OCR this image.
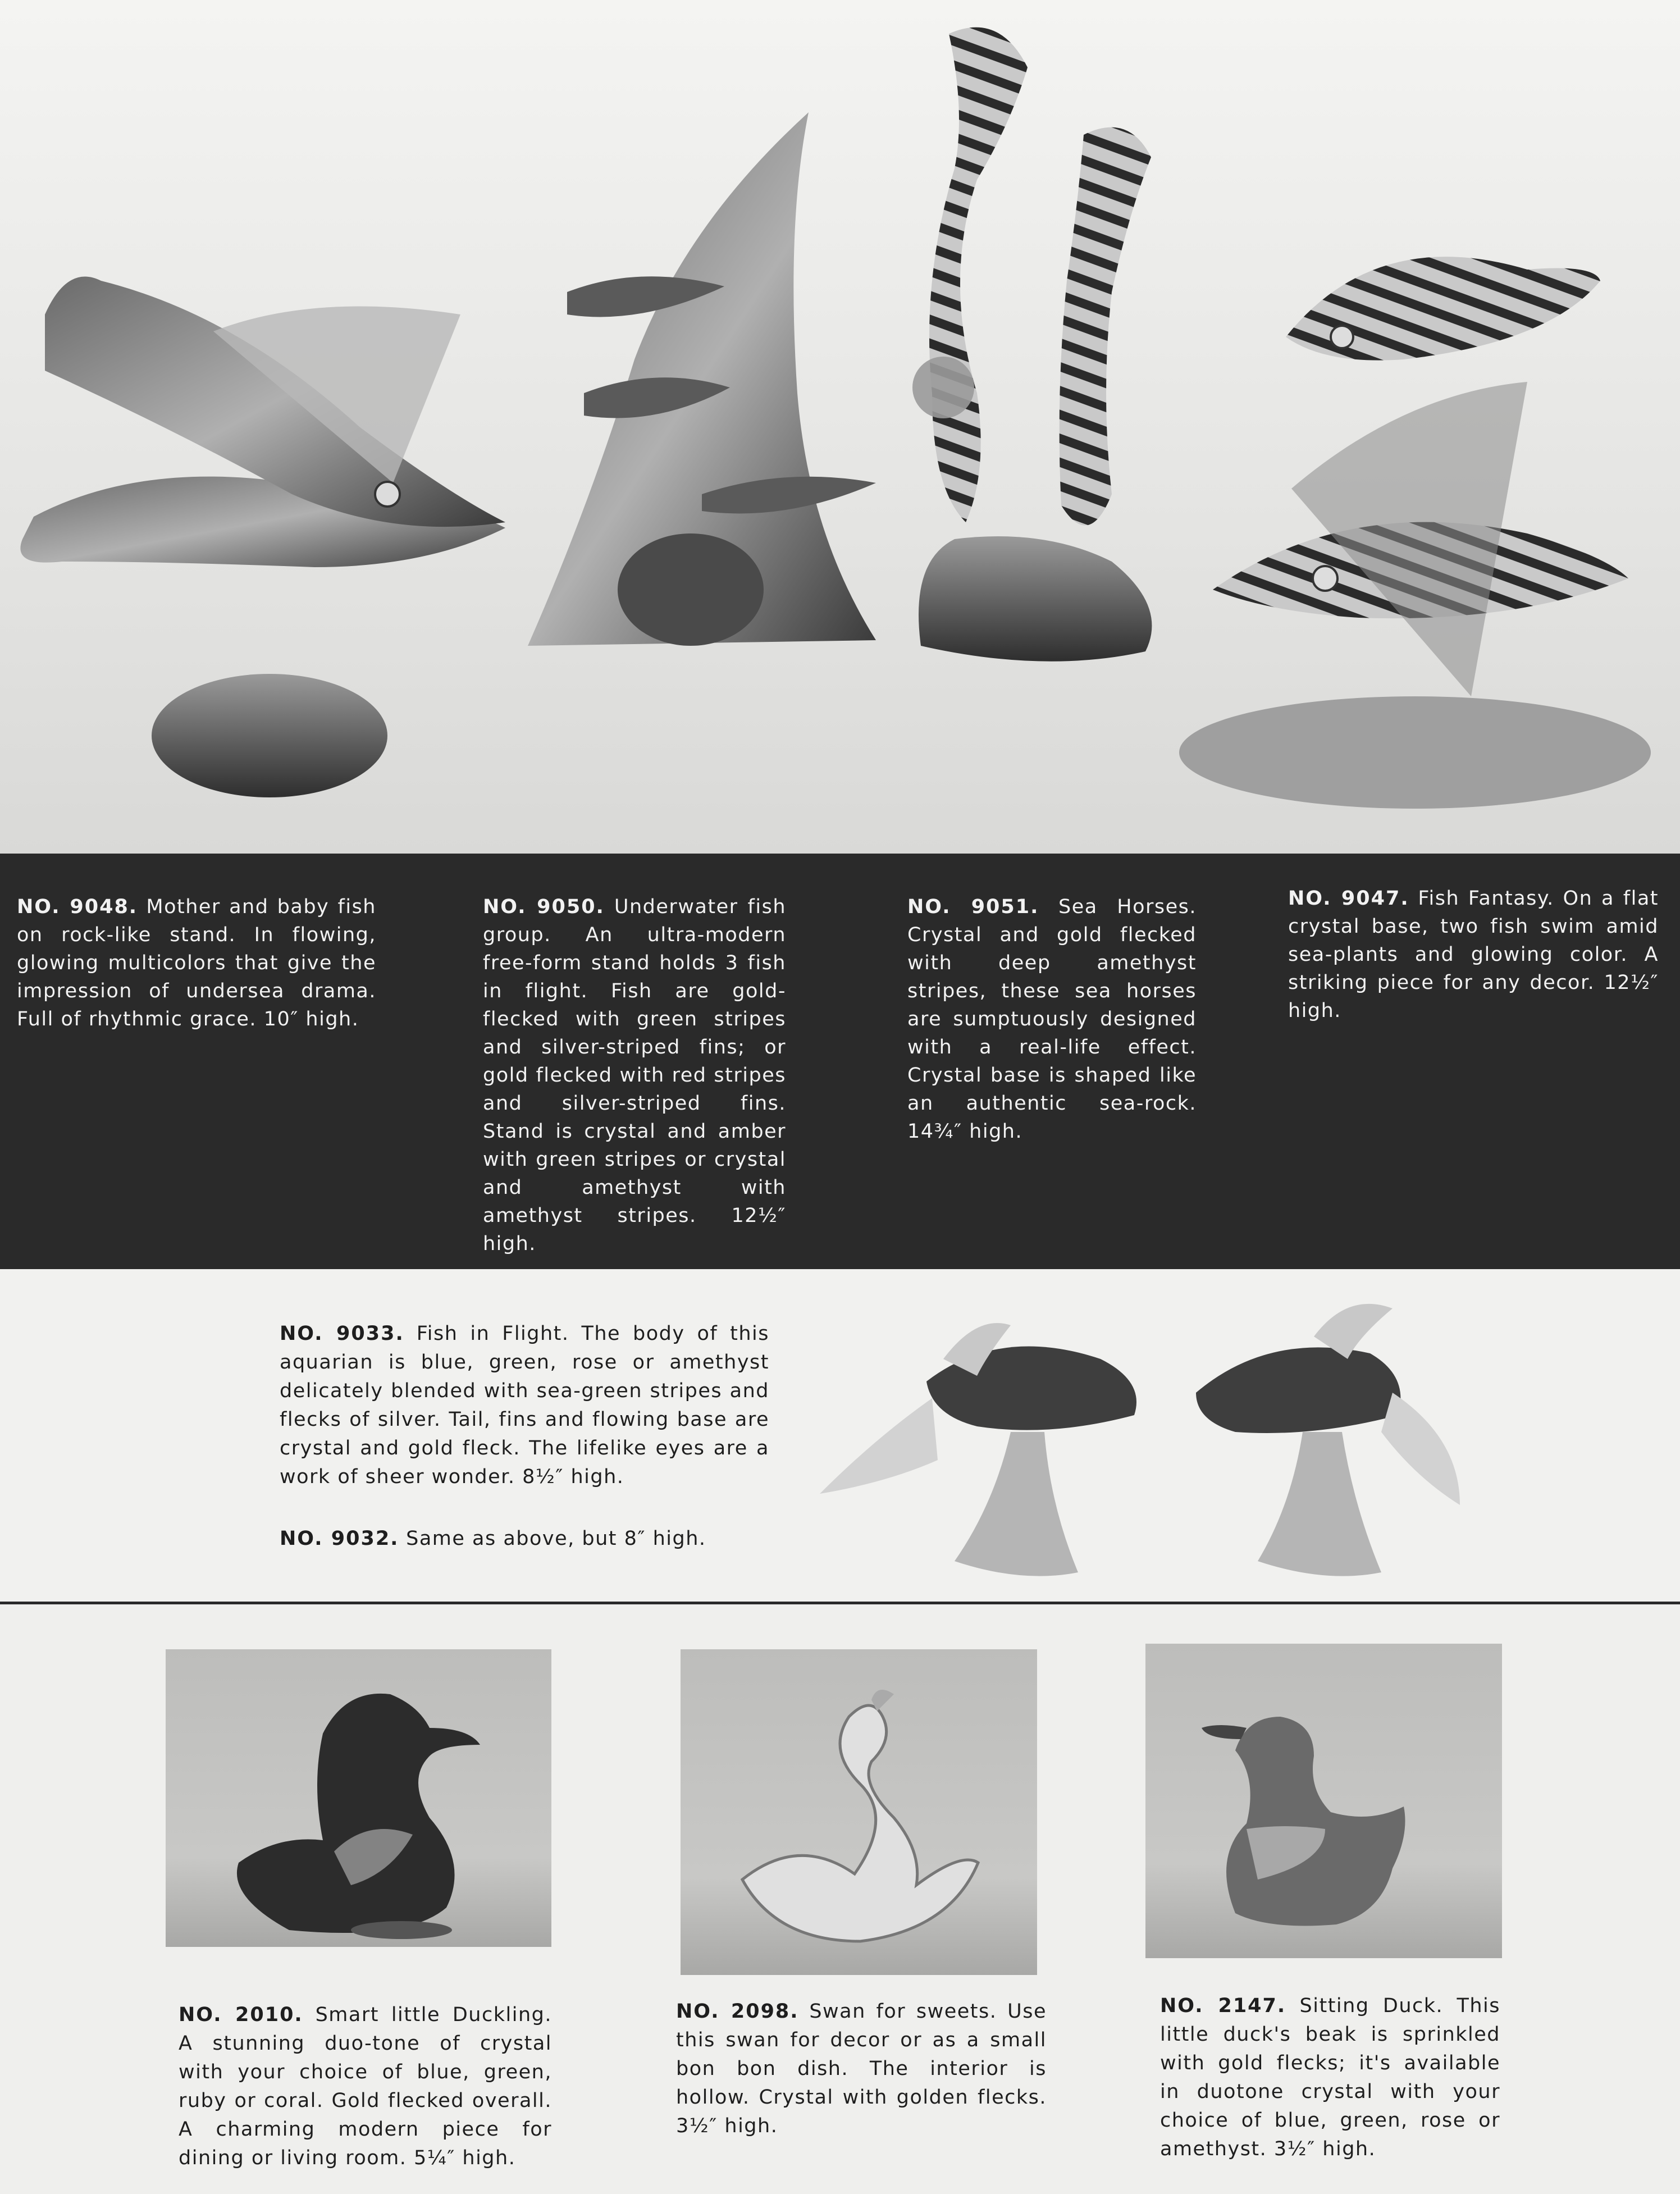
NO. 9048. Mother and baby fish on rock-like stand. In flowing, glowing multicolors that give the impression of undersea drama. Full of rhythmic grace. 10″ high.
NO. 9050. Underwater fish group. An ultra-modern free-form stand holds 3 fish in flight. Fish are gold-flecked with green stripes and silver-striped fins; or gold flecked with red stripes and silver-striped fins. Stand is crystal and amber with green stripes or crystal and amethyst with amethyst stripes. 12½″ high.
NO. 9051. Sea Horses. Crystal and gold flecked with deep amethyst stripes, these sea horses are sumptuously designed with a real-life effect. Crystal base is shaped like an authentic sea-rock. 14¾″ high.
NO. 9047. Fish Fantasy. On a flat crystal base, two fish swim amid sea-plants and glowing color. A striking piece for any decor. 12½″ high.
NO. 9033. Fish in Flight. The body of this aquarian is blue, green, rose or amethyst delicately blended with sea-green stripes and flecks of silver. Tail, fins and flowing base are crystal and gold fleck. The lifelike eyes are a work of sheer wonder. 8½″ high.
NO. 9032. Same as above, but 8″ high.
NO. 2010. Smart little Duckling. A stunning duo-tone of crystal with your choice of blue, green, ruby or coral. Gold flecked overall. A charming modern piece for dining or living room. 5¼″ high.
NO. 2098. Swan for sweets. Use this swan for decor or as a small bon bon dish. The interior is hollow. Crystal with golden flecks. 3½″ high.
NO. 2147. Sitting Duck. This little duck's beak is sprinkled with gold flecks; it's available in duotone crystal with your choice of blue, green, rose or amethyst. 3½″ high.
